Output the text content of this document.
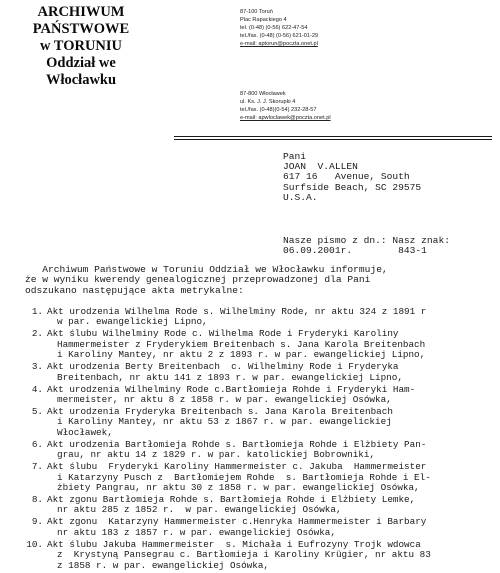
ARCHIWUM
PAŃSTWOWE
w TORUNIU
Oddział we
Włocławku
87-100 Toruń
Plac Rapackiego 4
tel. (0-48) (0-56) 622-47-54
tel./fax. (0-48) (0-56) 621-01-29
e-mail: aptorun@poczta.onet.pl
87-800 Włocławek
ul. Ks. J. J. Skorupki 4
tel./fax. (0-48)(0-54) 232-28-57
e-mail: apwloclawek@poczta.onet.pl
Pani
JOAN  V.ALLEN
617 16   Avenue, South
Surfside Beach, SC 29575
U.S.A.
Nasze pismo z dn.: Nasz znak:
06.09.2001r.        843-1
Archiwum Państwowe w Toruniu Oddział we Włocławku informuje,
że w wyniku kwerendy genealogicznej przeprowadzonej dla Pani
odszukano następujące akta metrykalne:
1. Akt urodzenia Wilhelma Rode s. Wilhelminy Rode, nr aktu 324 z 1891 r
w par. ewangelickiej Lipno,
2. Akt ślubu Wilhelminy Rode c. Wilhelma Rode i Fryderyki Karoliny
Hammermeister z Fryderykiem Breitenbach s. Jana Karola Breitenbach
i Karoliny Mantey, nr aktu 2 z 1893 r. w par. ewangelickiej Lipno,
3. Akt urodzenia Berty Breitenbach  c. Wilhelminy Rode i Fryderyka
Breitenbach, nr aktu 141 z 1893 r. w par. ewangelickiej Lipno,
4. Akt urodzenia Wilhelminy Rode c.Bartłomieja Rohde i Fryderyki Ham-
mermeister, nr aktu 8 z 1858 r. w par. ewangelickiej Osówka,
5. Akt urodzenia Fryderyka Breitenbach s. Jana Karola Breitenbach
i Karoliny Mantey, nr aktu 53 z 1867 r. w par. ewangelickiej
Włocławek,
6. Akt urodzenia Bartłomieja Rohde s. Bartłomieja Rohde i Elżbiety Pan-
grau, nr aktu 14 z 1829 r. w par. katolickiej Bobrowniki,
7. Akt ślubu  Fryderyki Karoliny Hammermeister c. Jakuba  Hammermeister
i Katarzyny Pusch z  Bartłomiejem Rohde  s. Bartłomieja Rohde i El-
żbiety Pangrau, nr aktu 30 z 1858 r. w par. ewangelickiej Osówka,
8. Akt zgonu Bartłomieja Rohde s. Bartłomieja Rohde i Elżbiety Lemke,
nr aktu 285 z 1852 r.  w par. ewangelickiej Osówka,
9. Akt zgonu  Katarzyny Hammermeister c.Henryka Hammermeister i Barbary
nr aktu 183 z 1857 r. w par. ewangelickiej Osówka,
10. Akt ślubu Jakuba Hammermeister  s. Michała i Eufrozyny Trojk wdowca
z  Krystyną Pansegrau c. Bartłomieja i Karoliny Krügier, nr aktu 83
z 1858 r. w par. ewangelickiej Osówka,
